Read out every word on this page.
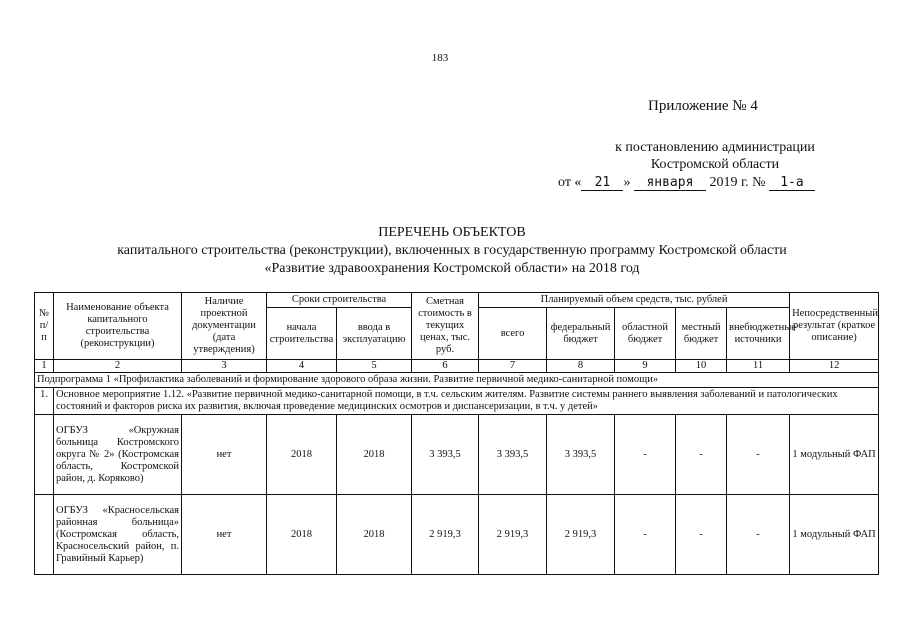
183
Приложение № 4
к постановлению администрации
Костромской области
от « 21 » января 2019 г. № 1-а
ПЕРЕЧЕНЬ ОБЪЕКТОВ
капитального строительства (реконструкции), включенных в государственную программу Костромской области
«Развитие здравоохранения Костромской области» на 2018 год
№ п/п	Наименование объекта капитального строительства (реконструкции)	Наличие проектной документации (дата утверждения)	Сроки строительства		Сметная стоимость в текущих ценах, тыс. руб.	Планируемый объем средств, тыс. рублей					Непосредственный результат (краткое описание)
			начала строительства	ввода в эксплуатацию		всего	федеральный бюджет	областной бюджет	местный бюджет	внебюджетные источники	
1	2	3	4	5	6	7	8	9	10	11	12
Подпрограмма 1 «Профилактика заболеваний и формирование здорового образа жизни. Развитие первичной медико-санитарной помощи»											
1.	Основное мероприятие 1.12. «Развитие первичной медико-санитарной помощи, в т.ч. сельским жителям. Развитие системы раннего выявления заболеваний и патологических состояний и факторов риска их развития, включая проведение медицинских осмотров и диспансеризации, в т.ч. у детей»										
	ОГБУЗ «Окружная больница Костромского округа № 2» (Костромская область, Костромской район, д. Коряково)	нет	2018	2018	3 393,5	3 393,5	3 393,5	-	-	-	1 модульный ФАП
	ОГБУЗ «Красносельская районная больница» (Костромская область, Красносельский район, п. Гравийный Карьер)	нет	2018	2018	2 919,3	2 919,3	2 919,3	-	-	-	1 модульный ФАП
